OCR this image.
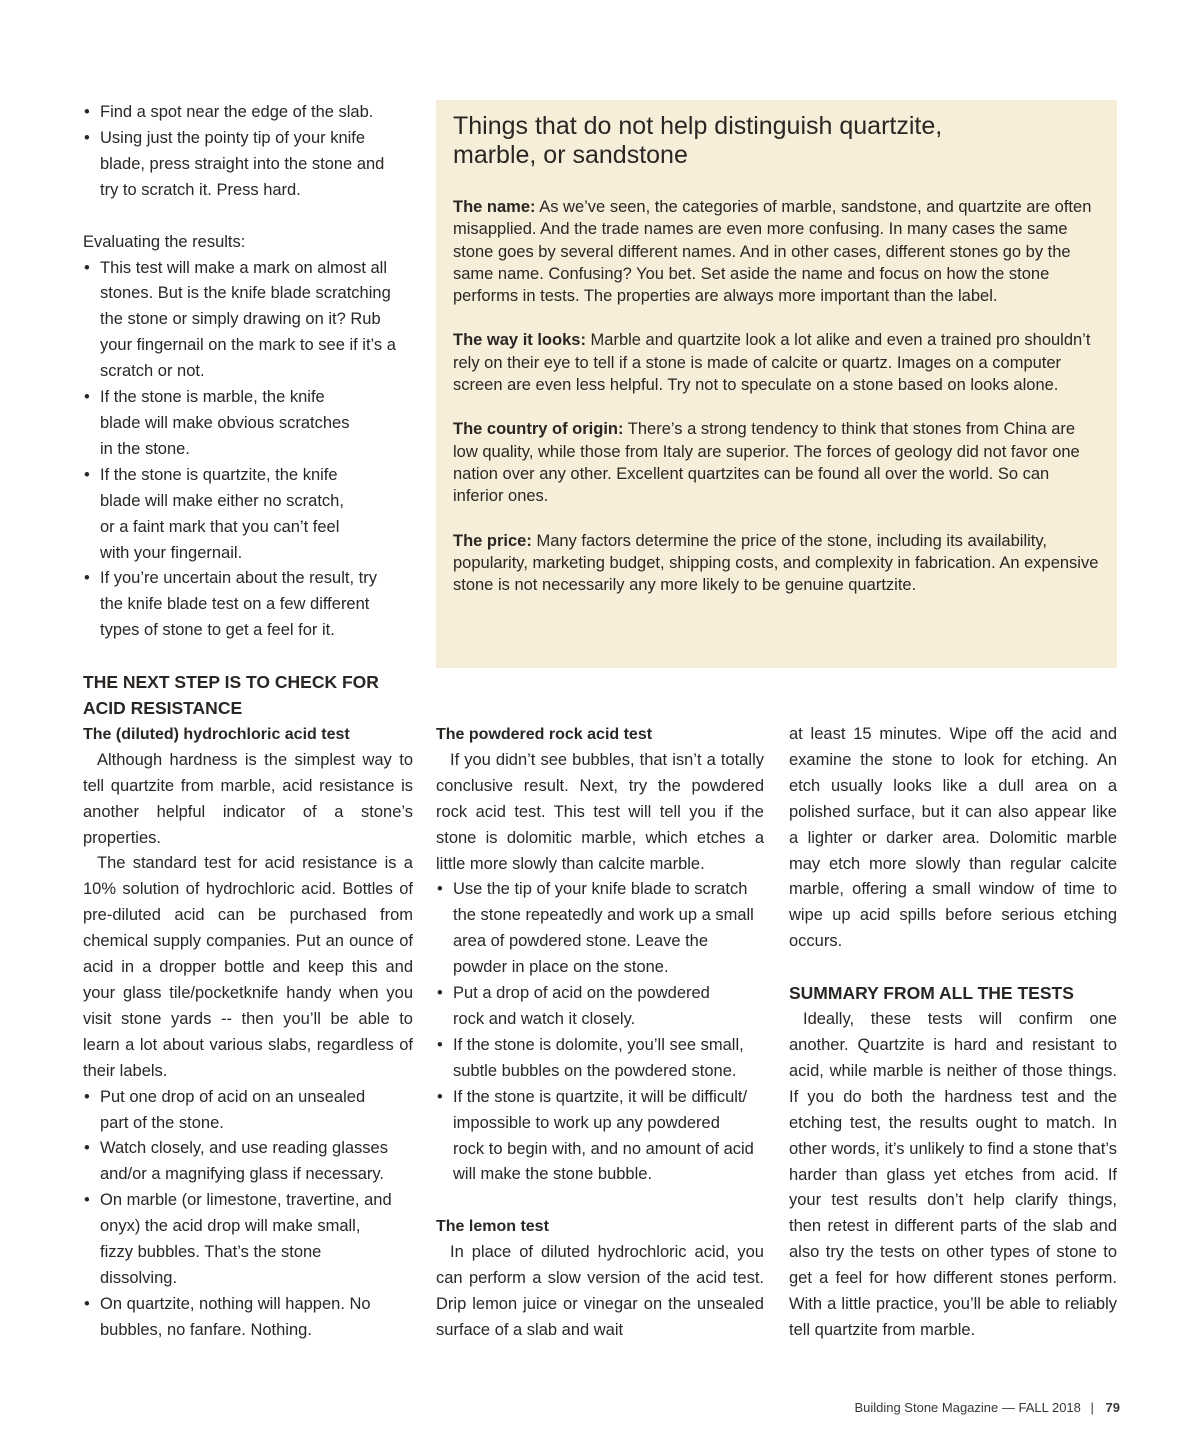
• Find a spot near the edge of the slab.
• Using just the pointy tip of your knife blade, press straight into the stone and try to scratch it. Press hard.

Evaluating the results:

• This test will make a mark on almost all stones. But is the knife blade scratching the stone or simply drawing on it? Rub your fingernail on the mark to see if it’s a scratch or not.
• If the stone is marble, the knife blade will make obvious scratches in the stone.
• If the stone is quartzite, the knife blade will make either no scratch, or a faint mark that you can’t feel with your fingernail.
• If you’re uncertain about the result, try the knife blade test on a few different types of stone to get a feel for it.
THE NEXT STEP IS TO CHECK FOR ACID RESISTANCE
The (diluted) hydrochloric acid test

Although hardness is the simplest way to tell quartzite from marble, acid resistance is another helpful indicator of a stone’s properties.

The standard test for acid resistance is a 10% solution of hydrochloric acid. Bottles of pre-diluted acid can be purchased from chemical supply companies. Put an ounce of acid in a dropper bottle and keep this and your glass tile/pocketknife handy when you visit stone yards -- then you’ll be able to learn a lot about various slabs, regardless of their labels.

• Put one drop of acid on an unsealed part of the stone.
• Watch closely, and use reading glasses and/or a magnifying glass if necessary.
• On marble (or limestone, travertine, and onyx) the acid drop will make small, fizzy bubbles. That’s the stone dissolving.
• On quartzite, nothing will happen. No bubbles, no fanfare. Nothing.
Things that do not help distinguish quartzite, marble, or sandstone

The name: As we’ve seen, the categories of marble, sandstone, and quartzite are often misapplied. And the trade names are even more confusing. In many cases the same stone goes by several different names. And in other cases, different stones go by the same name. Confusing? You bet. Set aside the name and focus on how the stone performs in tests. The properties are always more important than the label.

The way it looks: Marble and quartzite look a lot alike and even a trained pro shouldn’t rely on their eye to tell if a stone is made of calcite or quartz. Images on a computer screen are even less helpful. Try not to speculate on a stone based on looks alone.

The country of origin: There’s a strong tendency to think that stones from China are low quality, while those from Italy are superior. The forces of geology did not favor one nation over any other. Excellent quartzites can be found all over the world. So can inferior ones.

The price: Many factors determine the price of the stone, including its availability, popularity, marketing budget, shipping costs, and complexity in fabrication. An expensive stone is not necessarily any more likely to be genuine quartzite.

The powdered rock acid test

If you didn’t see bubbles, that isn’t a totally conclusive result. Next, try the powdered rock acid test. This test will tell you if the stone is dolomitic marble, which etches a little more slowly than calcite marble.

• Use the tip of your knife blade to scratch the stone repeatedly and work up a small area of powdered stone. Leave the powder in place on the stone.
• Put a drop of acid on the powdered rock and watch it closely.
• If the stone is dolomite, you’ll see small, subtle bubbles on the powdered stone.
• If the stone is quartzite, it will be difficult/ impossible to work up any powdered rock to begin with, and no amount of acid will make the stone bubble.
The lemon test

In place of diluted hydrochloric acid, you can perform a slow version of the acid test. Drip lemon juice or vinegar on the unsealed surface of a slab and wait

at least 15 minutes. Wipe off the acid and examine the stone to look for etching. An etch usually looks like a dull area on a polished surface, but it can also appear like a lighter or darker area. Dolomitic marble may etch more slowly than regular calcite marble, offering a small window of time to wipe up acid spills before serious etching occurs.

SUMMARY FROM ALL THE TESTS

Ideally, these tests will confirm one another. Quartzite is hard and resistant to acid, while marble is neither of those things. If you do both the hardness test and the etching test, the results ought to match. In other words, it’s unlikely to find a stone that’s harder than glass yet etches from acid. If your test results don’t help clarify things, then retest in different parts of the slab and also try the tests on other types of stone to get a feel for how different stones perform. With a little practice, you’ll be able to reliably tell quartzite from marble.

Building Stone Magazine — FALL 2018 | 79
